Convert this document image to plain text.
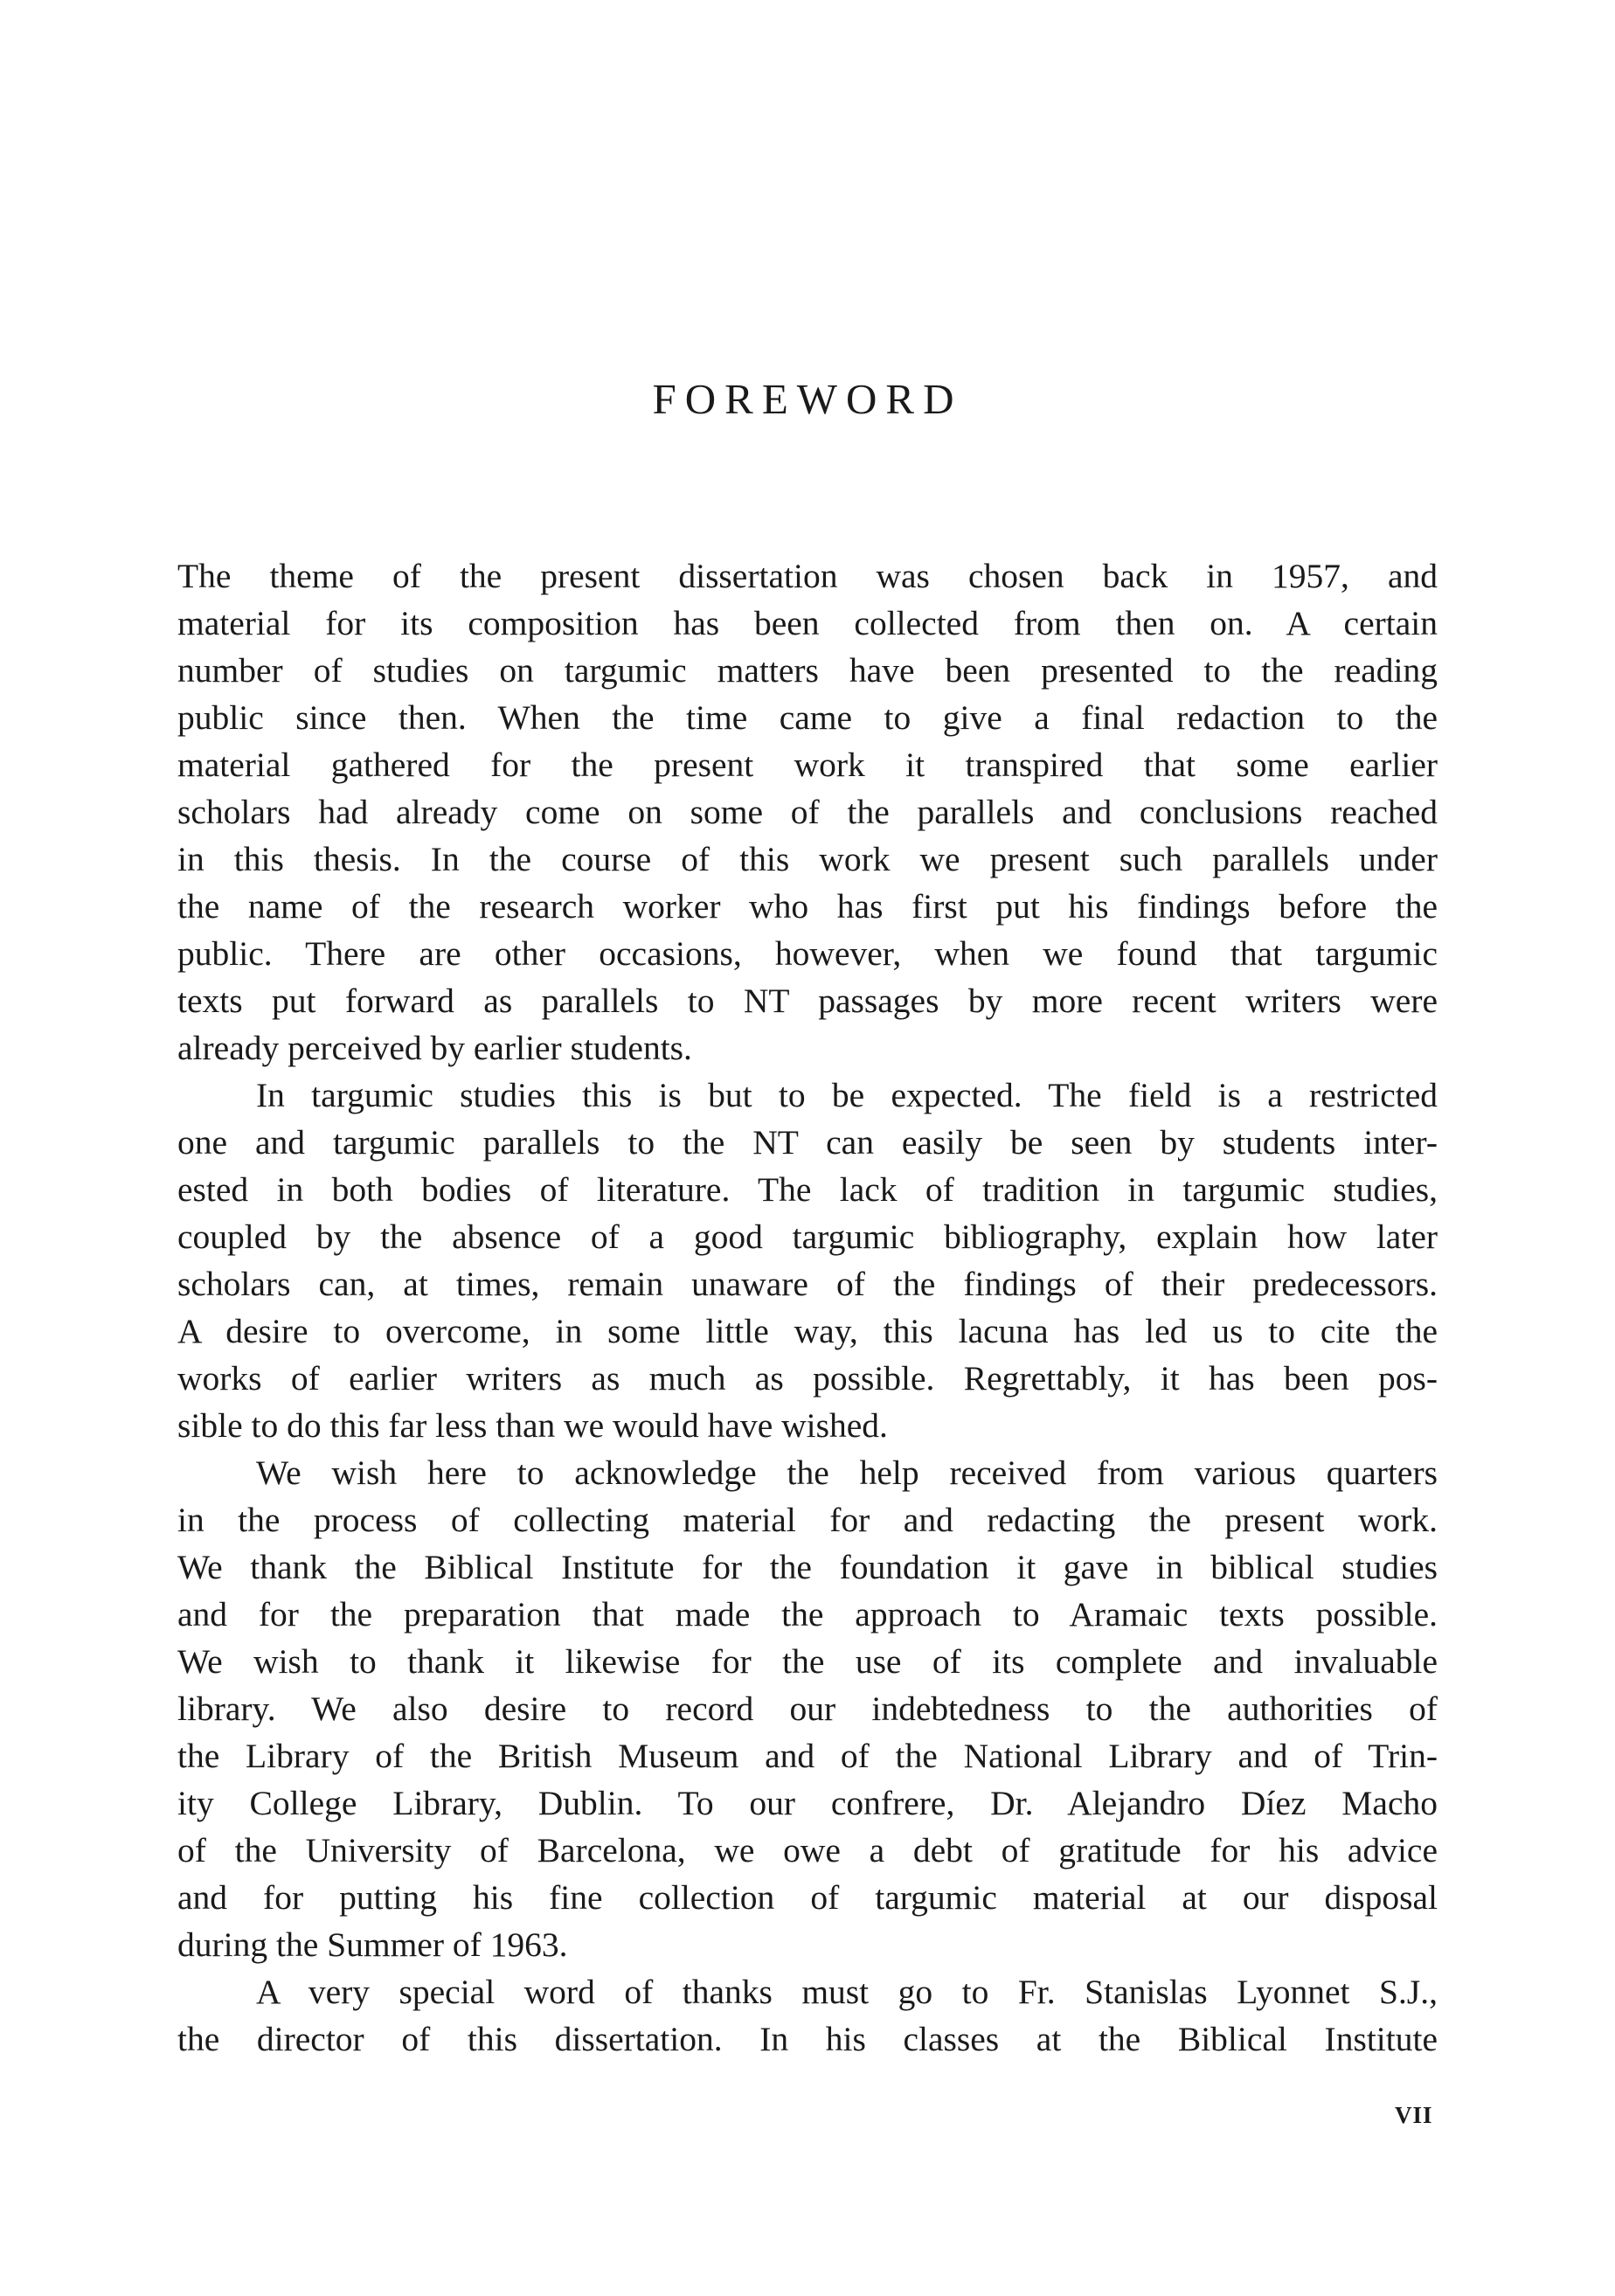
FOREWORD

The theme of the present dissertation was chosen back in 1957, and
material for its composition has been collected from then on. A certain
number of studies on targumic matters have been presented to the reading
public since then. When the time came to give a final redaction to the
material gathered for the present work it transpired that some earlier
scholars had already come on some of the parallels and conclusions reached
in this thesis. In the course of this work we present such parallels under
the name of the research worker who has first put his findings before the
public. There are other occasions, however, when we found that targumic
texts put forward as parallels to NT passages by more recent writers were
already perceived by earlier students.

In targumic studies this is but to be expected. The field is a restricted
one and targumic parallels to the NT can easily be seen by students inter-
ested in both bodies of literature. The lack of tradition in targumic studies,
coupled by the absence of a good targumic bibliography, explain how later
scholars can, at times, remain unaware of the findings of their predecessors.
A desire to overcome, in some little way, this lacuna has led us to cite the
works of earlier writers as much as possible. Regrettably, it has been pos-
sible to do this far less than we would have wished.

We wish here to acknowledge the help received from various quarters
in the process of collecting material for and redacting the present work.
We thank the Biblical Institute for the foundation it gave in biblical studies
and for the preparation that made the approach to Aramaic texts possible.
We wish to thank it likewise for the use of its complete and invaluable
library. We also desire to record our indebtedness to the authorities of
the Library of the British Museum and of the National Library and of Trin-
ity College Library, Dublin. To our confrere, Dr. Alejandro Díez Macho
of the University of Barcelona, we owe a debt of gratitude for his advice
and for putting his fine collection of targumic material at our disposal
during the Summer of 1963.

A very special word of thanks must go to Fr. Stanislas Lyonnet S.J.,
the director of this dissertation. In his classes at the Biblical Institute

VII
